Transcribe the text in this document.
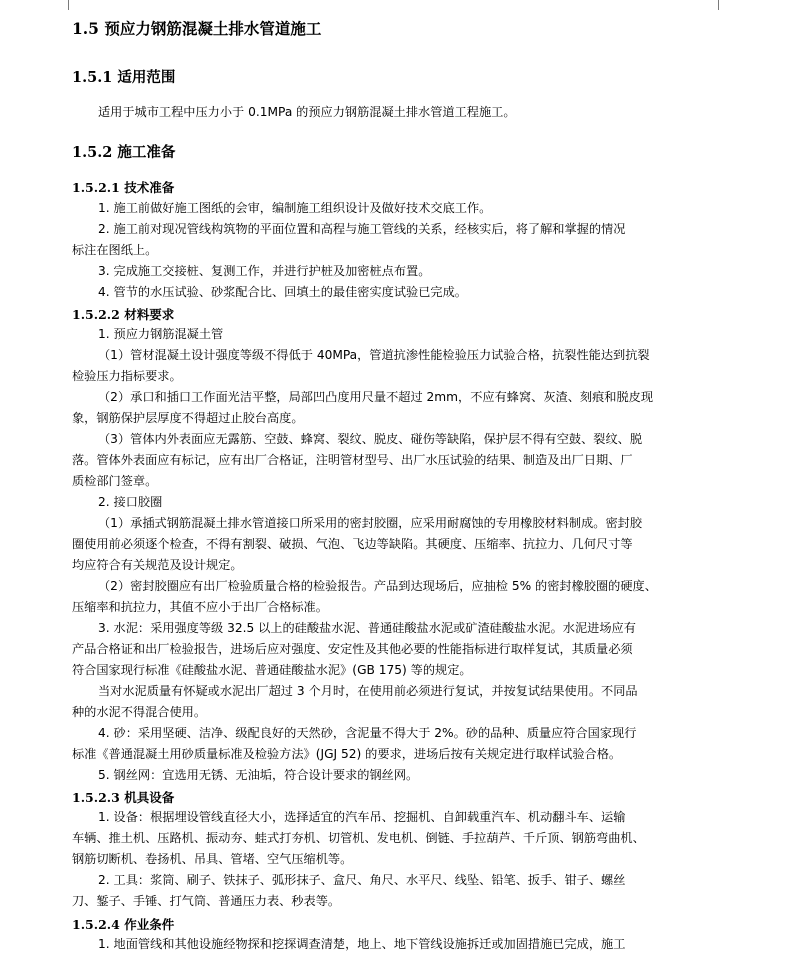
1.5 预应力钢筋混凝土排水管道施工
1.5.1 适用范围
适用于城市工程中压力小于 0.1MPa 的预应力钢筋混凝土排水管道工程施工。
1.5.2 施工准备
1.5.2.1 技术准备
1. 施工前做好施工图纸的会审，编制施工组织设计及做好技术交底工作。
2. 施工前对现况管线构筑物的平面位置和高程与施工管线的关系，经核实后，将了解和掌握的情况
标注在图纸上。
3. 完成施工交接桩、复测工作，并进行护桩及加密桩点布置。
4. 管节的水压试验、砂浆配合比、回填土的最佳密实度试验已完成。
1.5.2.2 材料要求
1. 预应力钢筋混凝土管
（1）管材混凝土设计强度等级不得低于 40MPa，管道抗渗性能检验压力试验合格，抗裂性能达到抗裂
检验压力指标要求。
（2）承口和插口工作面光洁平整，局部凹凸度用尺量不超过 2mm，不应有蜂窝、灰渣、刻痕和脱皮现
象，钢筋保护层厚度不得超过止胶台高度。
（3）管体内外表面应无露筋、空鼓、蜂窝、裂纹、脱皮、碰伤等缺陷，保护层不得有空鼓、裂纹、脱
落。管体外表面应有标记，应有出厂合格证，注明管材型号、出厂水压试验的结果、制造及出厂日期、厂
质检部门签章。
2. 接口胶圈
（1）承插式钢筋混凝土排水管道接口所采用的密封胶圈，应采用耐腐蚀的专用橡胶材料制成。密封胶
圈使用前必须逐个检查，不得有割裂、破损、气泡、飞边等缺陷。其硬度、压缩率、抗拉力、几何尺寸等
均应符合有关规范及设计规定。
（2）密封胶圈应有出厂检验质量合格的检验报告。产品到达现场后，应抽检 5% 的密封橡胶圈的硬度、
压缩率和抗拉力，其值不应小于出厂合格标准。
3. 水泥：采用强度等级 32.5 以上的硅酸盐水泥、普通硅酸盐水泥或矿渣硅酸盐水泥。水泥进场应有
产品合格证和出厂检验报告，进场后应对强度、安定性及其他必要的性能指标进行取样复试，其质量必须
符合国家现行标准《硅酸盐水泥、普通硅酸盐水泥》(GB 175) 等的规定。
当对水泥质量有怀疑或水泥出厂超过 3 个月时，在使用前必须进行复试，并按复试结果使用。不同品
种的水泥不得混合使用。
4. 砂：采用坚硬、洁净、级配良好的天然砂，含泥量不得大于 2%。砂的品种、质量应符合国家现行
标准《普通混凝土用砂质量标准及检验方法》(JGJ 52) 的要求，进场后按有关规定进行取样试验合格。
5. 钢丝网：宜选用无锈、无油垢，符合设计要求的钢丝网。
1.5.2.3 机具设备
1. 设备：根据埋设管线直径大小，选择适宜的汽车吊、挖掘机、自卸载重汽车、机动翻斗车、运输
车辆、推土机、压路机、振动夯、蛙式打夯机、切管机、发电机、倒链、手拉葫芦、千斤顶、钢筋弯曲机、
钢筋切断机、卷扬机、吊具、管堵、空气压缩机等。
2. 工具：浆筒、刷子、铁抹子、弧形抹子、盒尺、角尺、水平尺、线坠、铅笔、扳手、钳子、螺丝
刀、錾子、手锤、打气筒、普通压力表、秒表等。
1.5.2.4 作业条件
1. 地面管线和其他设施经物探和挖探调查清楚，地上、地下管线设施拆迁或加固措施已完成，施工
